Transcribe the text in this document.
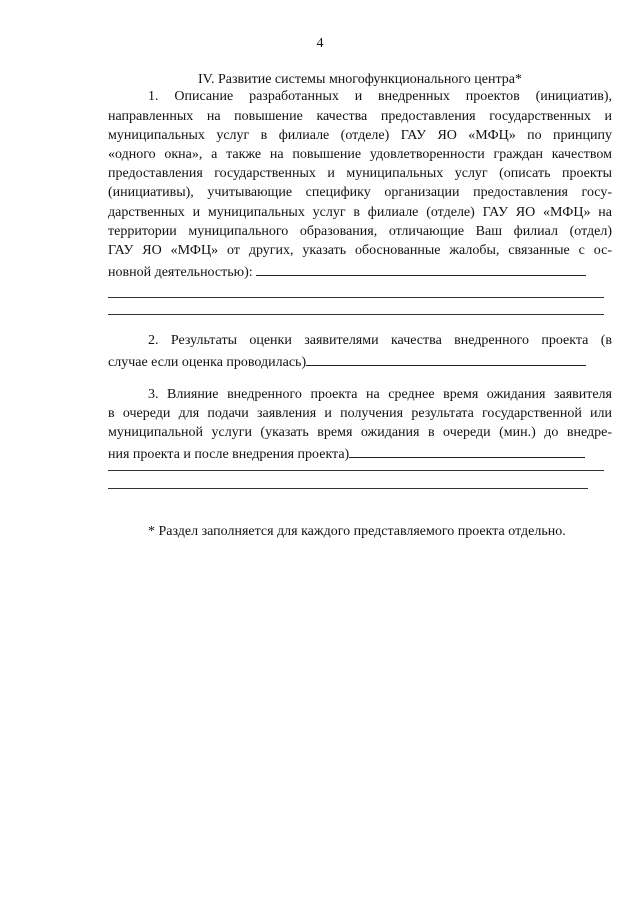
4
IV. Развитие системы многофункционального центра*
1. Описание разработанных и внедренных проектов (инициатив),
направленных на повышение качества предоставления государственных и
муниципальных услуг в филиале (отделе) ГАУ ЯО «МФЦ» по принципу
«одного окна», а также на повышение удовлетворенности граждан качеством
предоставления государственных и муниципальных услуг (описать проекты
(инициативы), учитывающие специфику организации предоставления госу-
дарственных и муниципальных услуг в филиале (отделе) ГАУ ЯО «МФЦ» на
территории муниципального образования, отличающие Ваш филиал (отдел)
ГАУ ЯО «МФЦ» от других, указать обоснованные жалобы, связанные с ос-
новной деятельностью):
2. Результаты оценки заявителями качества внедренного проекта (в
случае если оценка проводилась)
3. Влияние внедренного проекта на среднее время ожидания заявителя
в очереди для подачи заявления и получения результата государственной или
муниципальной услуги (указать время ожидания в очереди (мин.) до внедре-
ния проекта и после внедрения проекта)
* Раздел заполняется для каждого представляемого проекта отдельно.
